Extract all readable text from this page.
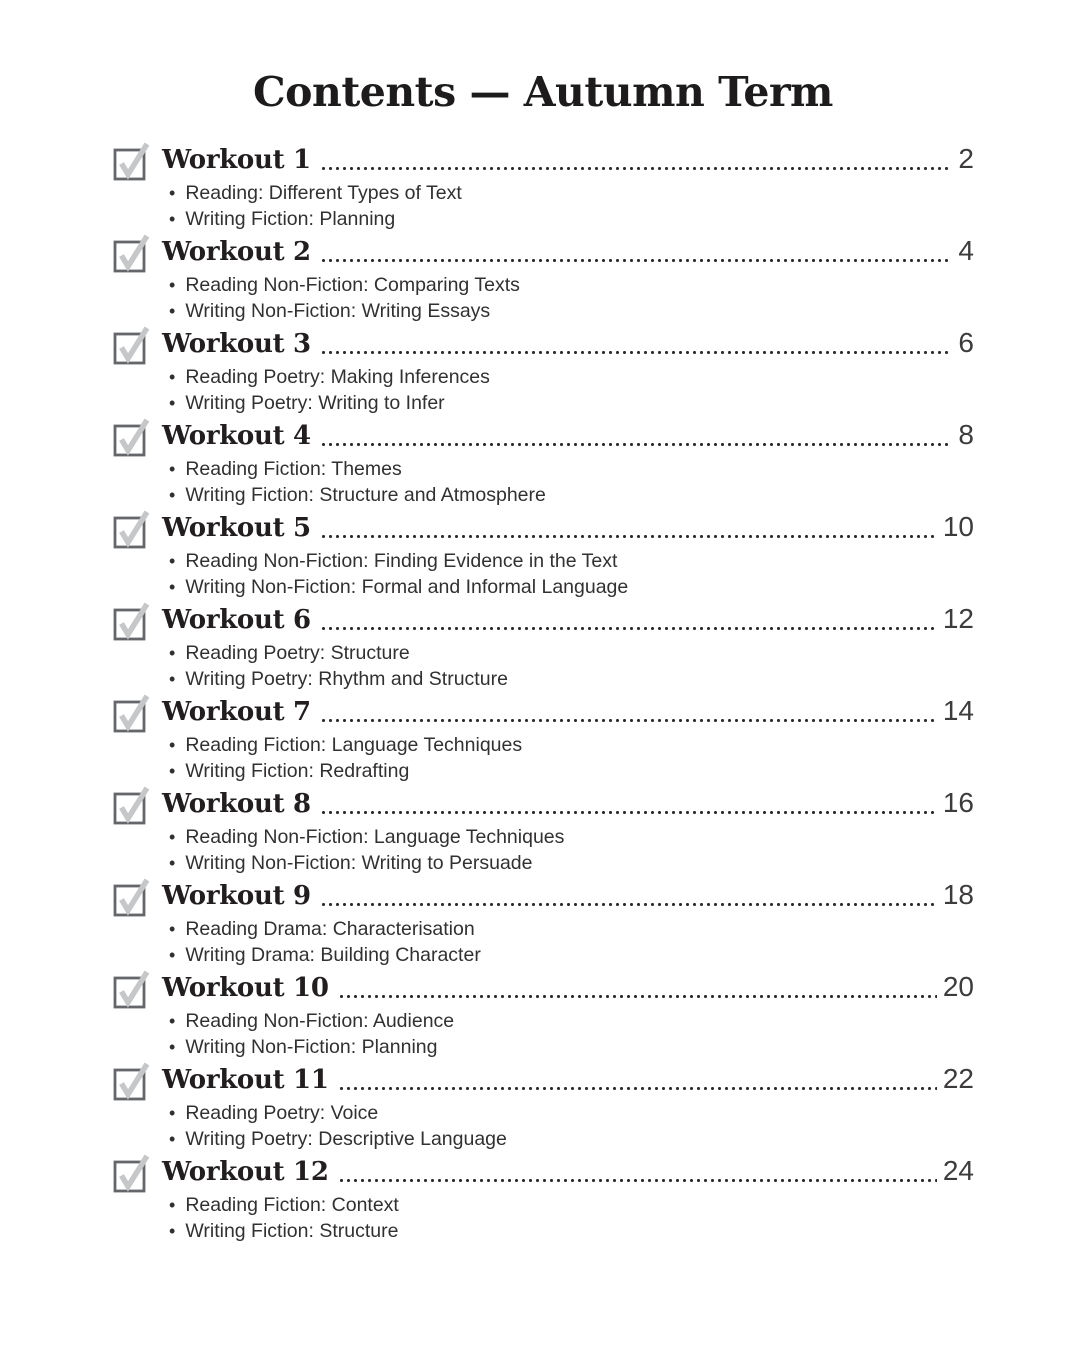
Contents — Autumn Term
Workout 1	2
• Reading: Different Types of Text
• Writing Fiction: Planning
Workout 2	4
• Reading Non-Fiction: Comparing Texts
• Writing Non-Fiction: Writing Essays
Workout 3	6
• Reading Poetry: Making Inferences
• Writing Poetry: Writing to Infer
Workout 4	8
• Reading Fiction: Themes
• Writing Fiction: Structure and Atmosphere
Workout 5	10
• Reading Non-Fiction: Finding Evidence in the Text
• Writing Non-Fiction: Formal and Informal Language
Workout 6	12
• Reading Poetry: Structure
• Writing Poetry: Rhythm and Structure
Workout 7	14
• Reading Fiction: Language Techniques
• Writing Fiction: Redrafting
Workout 8	16
• Reading Non-Fiction: Language Techniques
• Writing Non-Fiction: Writing to Persuade
Workout 9	18
• Reading Drama: Characterisation
• Writing Drama: Building Character
Workout 10	20
• Reading Non-Fiction: Audience
• Writing Non-Fiction: Planning
Workout 11	22
• Reading Poetry: Voice
• Writing Poetry: Descriptive Language
Workout 12	24
• Reading Fiction: Context
• Writing Fiction: Structure
